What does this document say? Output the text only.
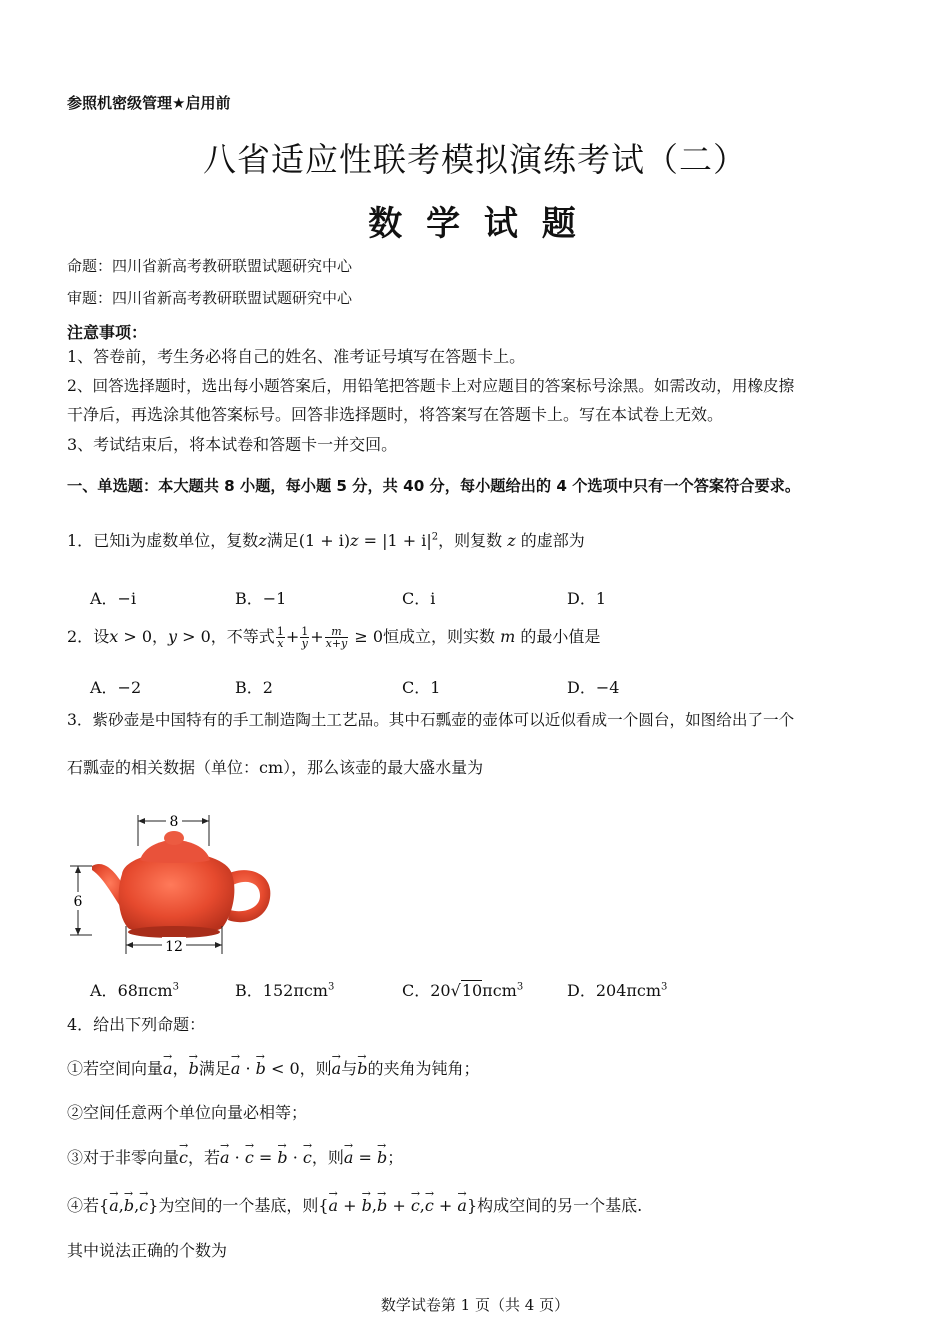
参照机密级管理★启用前
八省适应性联考模拟演练考试（二）
数 学 试 题
命题：四川省新高考教研联盟试题研究中心
审题：四川省新高考教研联盟试题研究中心
注意事项：
1、答卷前，考生务必将自己的姓名、准考证号填写在答题卡上。
2、回答选择题时，选出每小题答案后，用铅笔把答题卡上对应题目的答案标号涂黑。如需改动，用橡皮擦
干净后，再选涂其他答案标号。回答非选择题时，将答案写在答题卡上。写在本试卷上无效。
3、考试结束后，将本试卷和答题卡一并交回。
一、单选题：本大题共 8 小题，每小题 5 分，共 40 分，每小题给出的 4 个选项中只有一个答案符合要求。
1．已知i为虚数单位，复数z满足$(1 + i)z = |1 + i|^2$，则复数 z 的虚部为
A．−i	B．−1	C．i	D．1
2．设x > 0，y > 0，不等式 $\frac{1}{x} + \frac{1}{y} + \frac{m}{x+y} \ge 0$恒成立，则实数 m 的最小值是
A．−2	B．2	C．1	D．−4
3．紫砂壶是中国特有的手工制造陶土工艺品。其中石瓢壶的壶体可以近似看成一个圆台，如图给出了一个
石瓢壶的相关数据（单位：cm），那么该壶的最大盛水量为
8
6
12
A．68πcm$^3$	B．152πcm$^3$	C．20√10πcm$^3$	D．204πcm$^3$
4．给出下列命题：
①若空间向量→ a，→ b满足→ a · → b < 0，则→ a与→ b的夹角为钝角；
②空间任意两个单位向量必相等；
③对于非零向量→ c，若→ a · → c = → b · → c，则→ a = → b；
④若{→ a,→ b,→ c}为空间的一个基底，则{→ a + → b,→ b + → c,→ c + → a}构成空间的另一个基底.
其中说法正确的个数为
数学试卷第 1 页（共 4 页）
